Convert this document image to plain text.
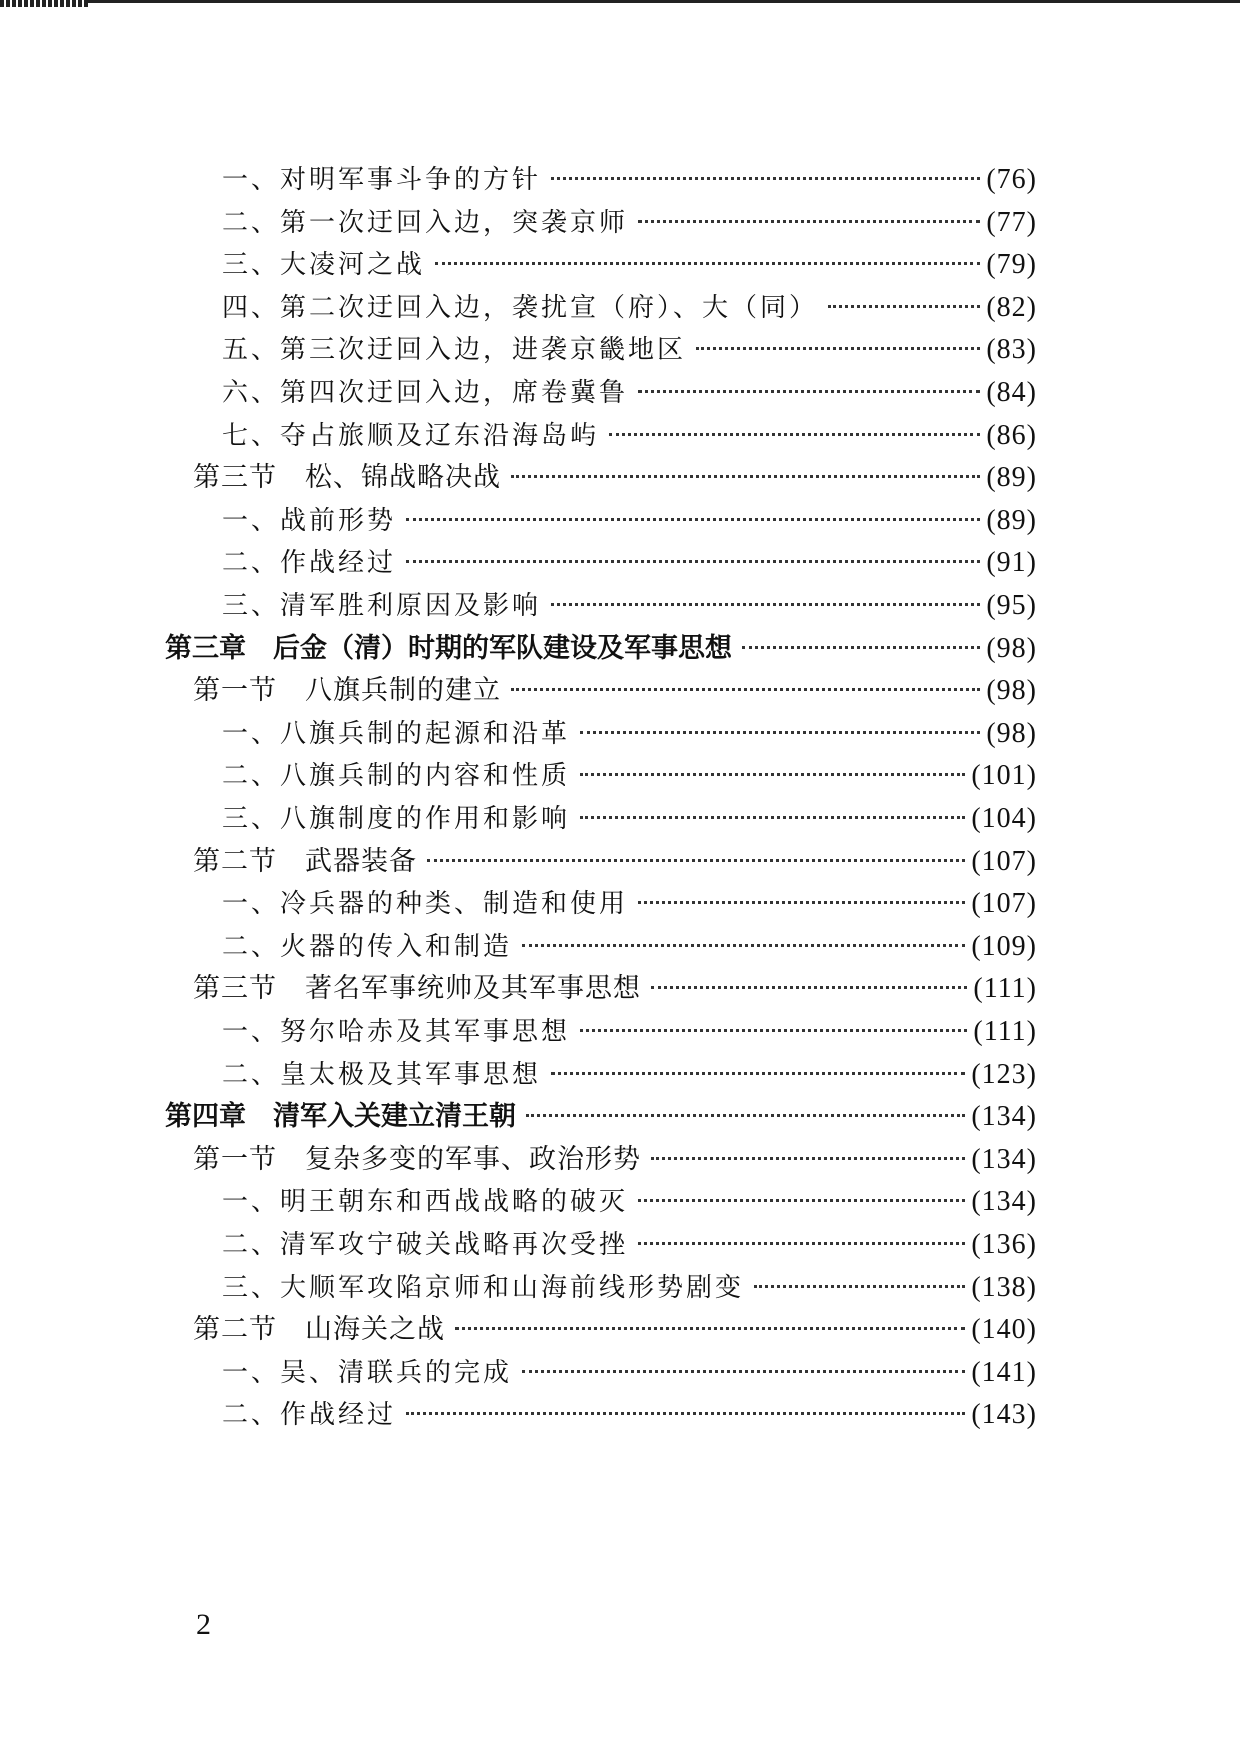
一、对明军事斗争的方针	(76)
二、第一次迂回入边，突袭京师	(77)
三、大凌河之战	(79)
四、第二次迂回入边，袭扰宣（府）、大（同）	(82)
五、第三次迂回入边，进袭京畿地区	(83)
六、第四次迂回入边，席卷冀鲁	(84)
七、夺占旅顺及辽东沿海岛屿	(86)
第三节　松、锦战略决战	(89)
一、战前形势	(89)
二、作战经过	(91)
三、清军胜利原因及影响	(95)
第三章　后金（清）时期的军队建设及军事思想	(98)
第一节　八旗兵制的建立	(98)
一、八旗兵制的起源和沿革	(98)
二、八旗兵制的内容和性质	(101)
三、八旗制度的作用和影响	(104)
第二节　武器装备	(107)
一、冷兵器的种类、制造和使用	(107)
二、火器的传入和制造	(109)
第三节　著名军事统帅及其军事思想	(111)
一、努尔哈赤及其军事思想	(111)
二、皇太极及其军事思想	(123)
第四章　清军入关建立清王朝	(134)
第一节　复杂多变的军事、政治形势	(134)
一、明王朝东和西战战略的破灭	(134)
二、清军攻宁破关战略再次受挫	(136)
三、大顺军攻陷京师和山海前线形势剧变	(138)
第二节　山海关之战	(140)
一、吴、清联兵的完成	(141)
二、作战经过	(143)
2
